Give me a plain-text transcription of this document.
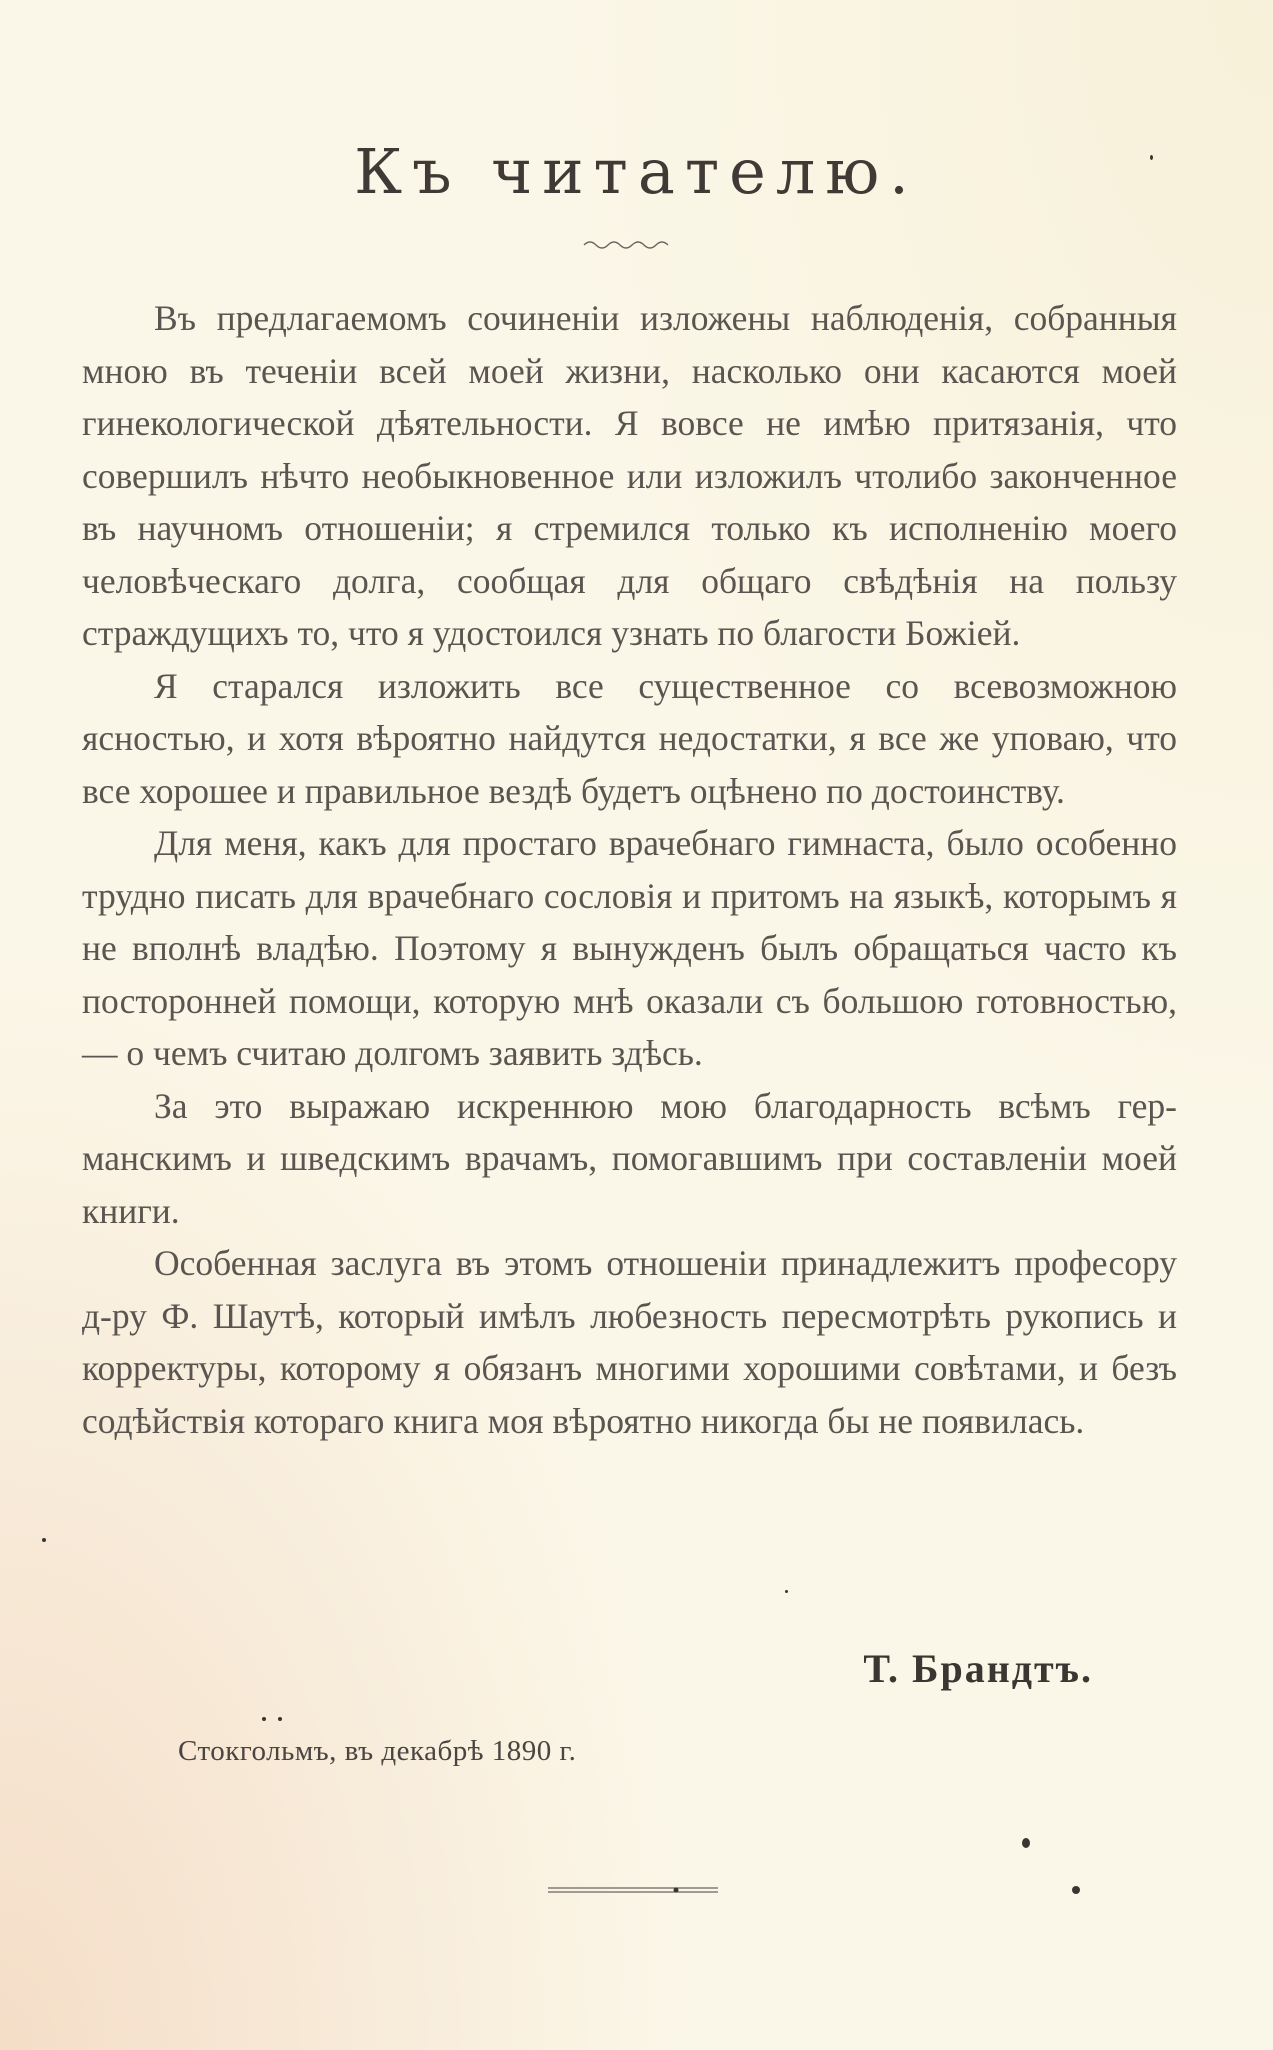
Къ читателю.

Въ предлагаемомъ сочиненіи изложены наблюденія, собранныя мною въ теченіи всей моей жизни, насколько они касаются моей гинекологической дѣятельности. Я вовсе не имѣю притязанія, что совершилъ нѣчто необыкновенное или изложилъ чтолибо законченное въ научномъ отношеніи; я стремился только къ исполненію моего человѣческаго долга, сообщая для общаго свѣдѣнія на пользу страждущихъ то, что я удостоился узнать по благости Божіей.

Я старался изложить все существенное со всевозможною ясностью, и хотя вѣроятно найдутся недостатки, я все же уповаю, что все хорошее и правильное вездѣ будетъ оцѣнено по достоинству.

Для меня, какъ для простаго врачебнаго гимнаста, было особенно трудно писать для врачебнаго сословія и притомъ на языкѣ, которымъ я не вполнѣ владѣю. Поэтому я вынужденъ былъ обращаться часто къ посторонней помощи, которую мнѣ оказали съ большою готовностью, — о чемъ считаю долгомъ заявить здѣсь.

За это выражаю искреннюю мою благодарность всѣмъ германскимъ и шведскимъ врачамъ, помогавшимъ при составленіи моей книги.

Особенная заслуга въ этомъ отношеніи принадлежитъ професору д-ру Ф. Шаутѣ, который имѣлъ любезность пересмотрѣть рукопись и корректуры, которому я обязанъ многими хорошими совѣтами, и безъ содѣйствія котораго книга моя вѣроятно никогда бы не появилась.

Т. Брандтъ.
Стокгольмъ, въ декабрѣ 1890 г.
